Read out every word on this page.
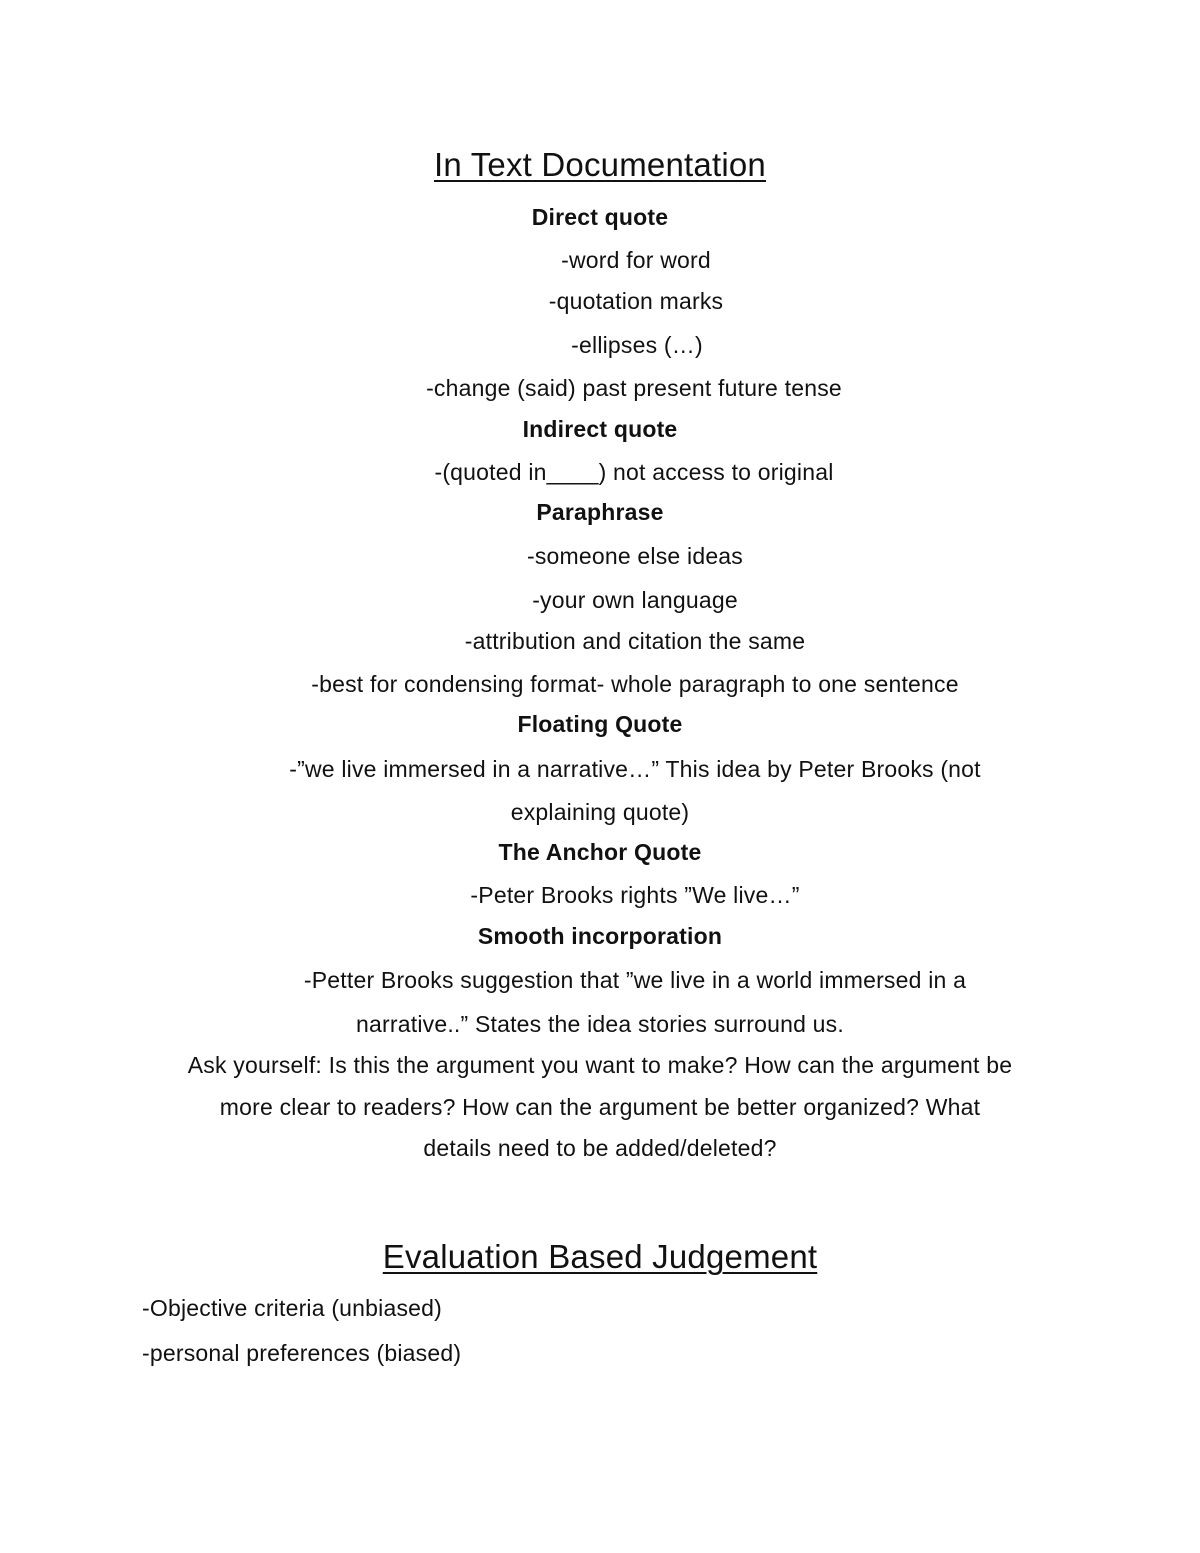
In Text Documentation
Direct quote
-word for word
-quotation marks
-ellipses (…)
-change (said) past present future tense
Indirect quote
-(quoted in____) not access to original
Paraphrase
-someone else ideas
-your own language
-attribution and citation the same
-best for condensing format- whole paragraph to one sentence
Floating Quote
-”we live immersed in a narrative…” This idea by Peter Brooks (not
explaining quote)
The Anchor Quote
-Peter Brooks rights ”We live…”
Smooth incorporation
-Petter Brooks suggestion that ”we live in a world immersed in a
narrative..” States the idea stories surround us.
Ask yourself: Is this the argument you want to make? How can the argument be
more clear to readers? How can the argument be better organized? What
details need to be added/deleted?
Evaluation Based Judgement
-Objective criteria (unbiased)
-personal preferences (biased)
